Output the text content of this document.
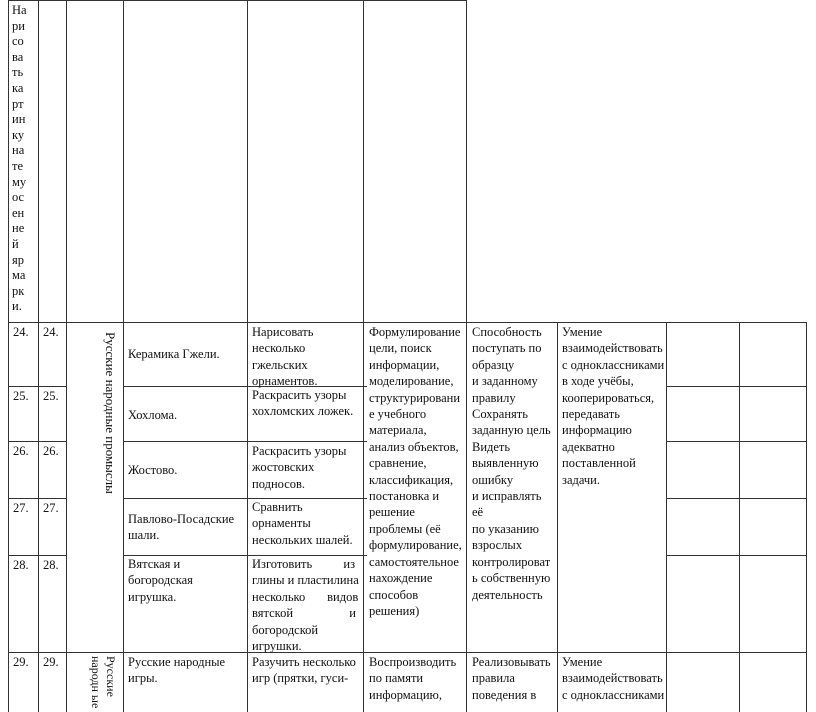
На
ри
со
ва
ть
ка
рт
ин
ку
на
те
му
ос
ен
не
й
яр
ма
рк
и.
Русские народные промыслы
Русские народн ые
24. 24.
Керамика Гжели.
Нарисовать
несколько
гжельских
орнаментов.
25. 25.
Хохлома.
Раскрасить узоры
хохломских ложек.
26. 26.
Жостово.
Раскрасить узоры
жостовских
подносов.
27. 27.
Павлово-Посадские
шали.
Сравнить
орнаменты
нескольких шалей.
28. 28.	Вятская и
богородская
игрушка.
Изготовить          из
глины и пластилина
несколько       видов
вятской                  и
богородской
игрушки.
Формулирование
цели, поиск
информации,
моделирование,
структурировани
е учебного
материала,
анализ объектов,
сравнение,
классификация,
постановка и
решение
проблемы (её
формулирование,
самостоятельное
нахождение
способов
решения)
Способность
поступать по
образцу
и заданному
правилу
Сохранять
заданную цель
Видеть
выявленную
ошибку
и исправлять
её
по указанию
взрослых
контролироват
ь собственную
деятельность
Умение
взаимодействовать
с одноклассниками
в ходе учёбы,
кооперироваться,
передавать
информацию
адекватно
поставленной
задачи.
29. 29.	Русские народные
игры.
Разучить несколько
игр (прятки, гуси-
Воспроизводить
по памяти
информацию,
Реализовывать
правила
поведения в
Умение
взаимодействовать
с одноклассниками
